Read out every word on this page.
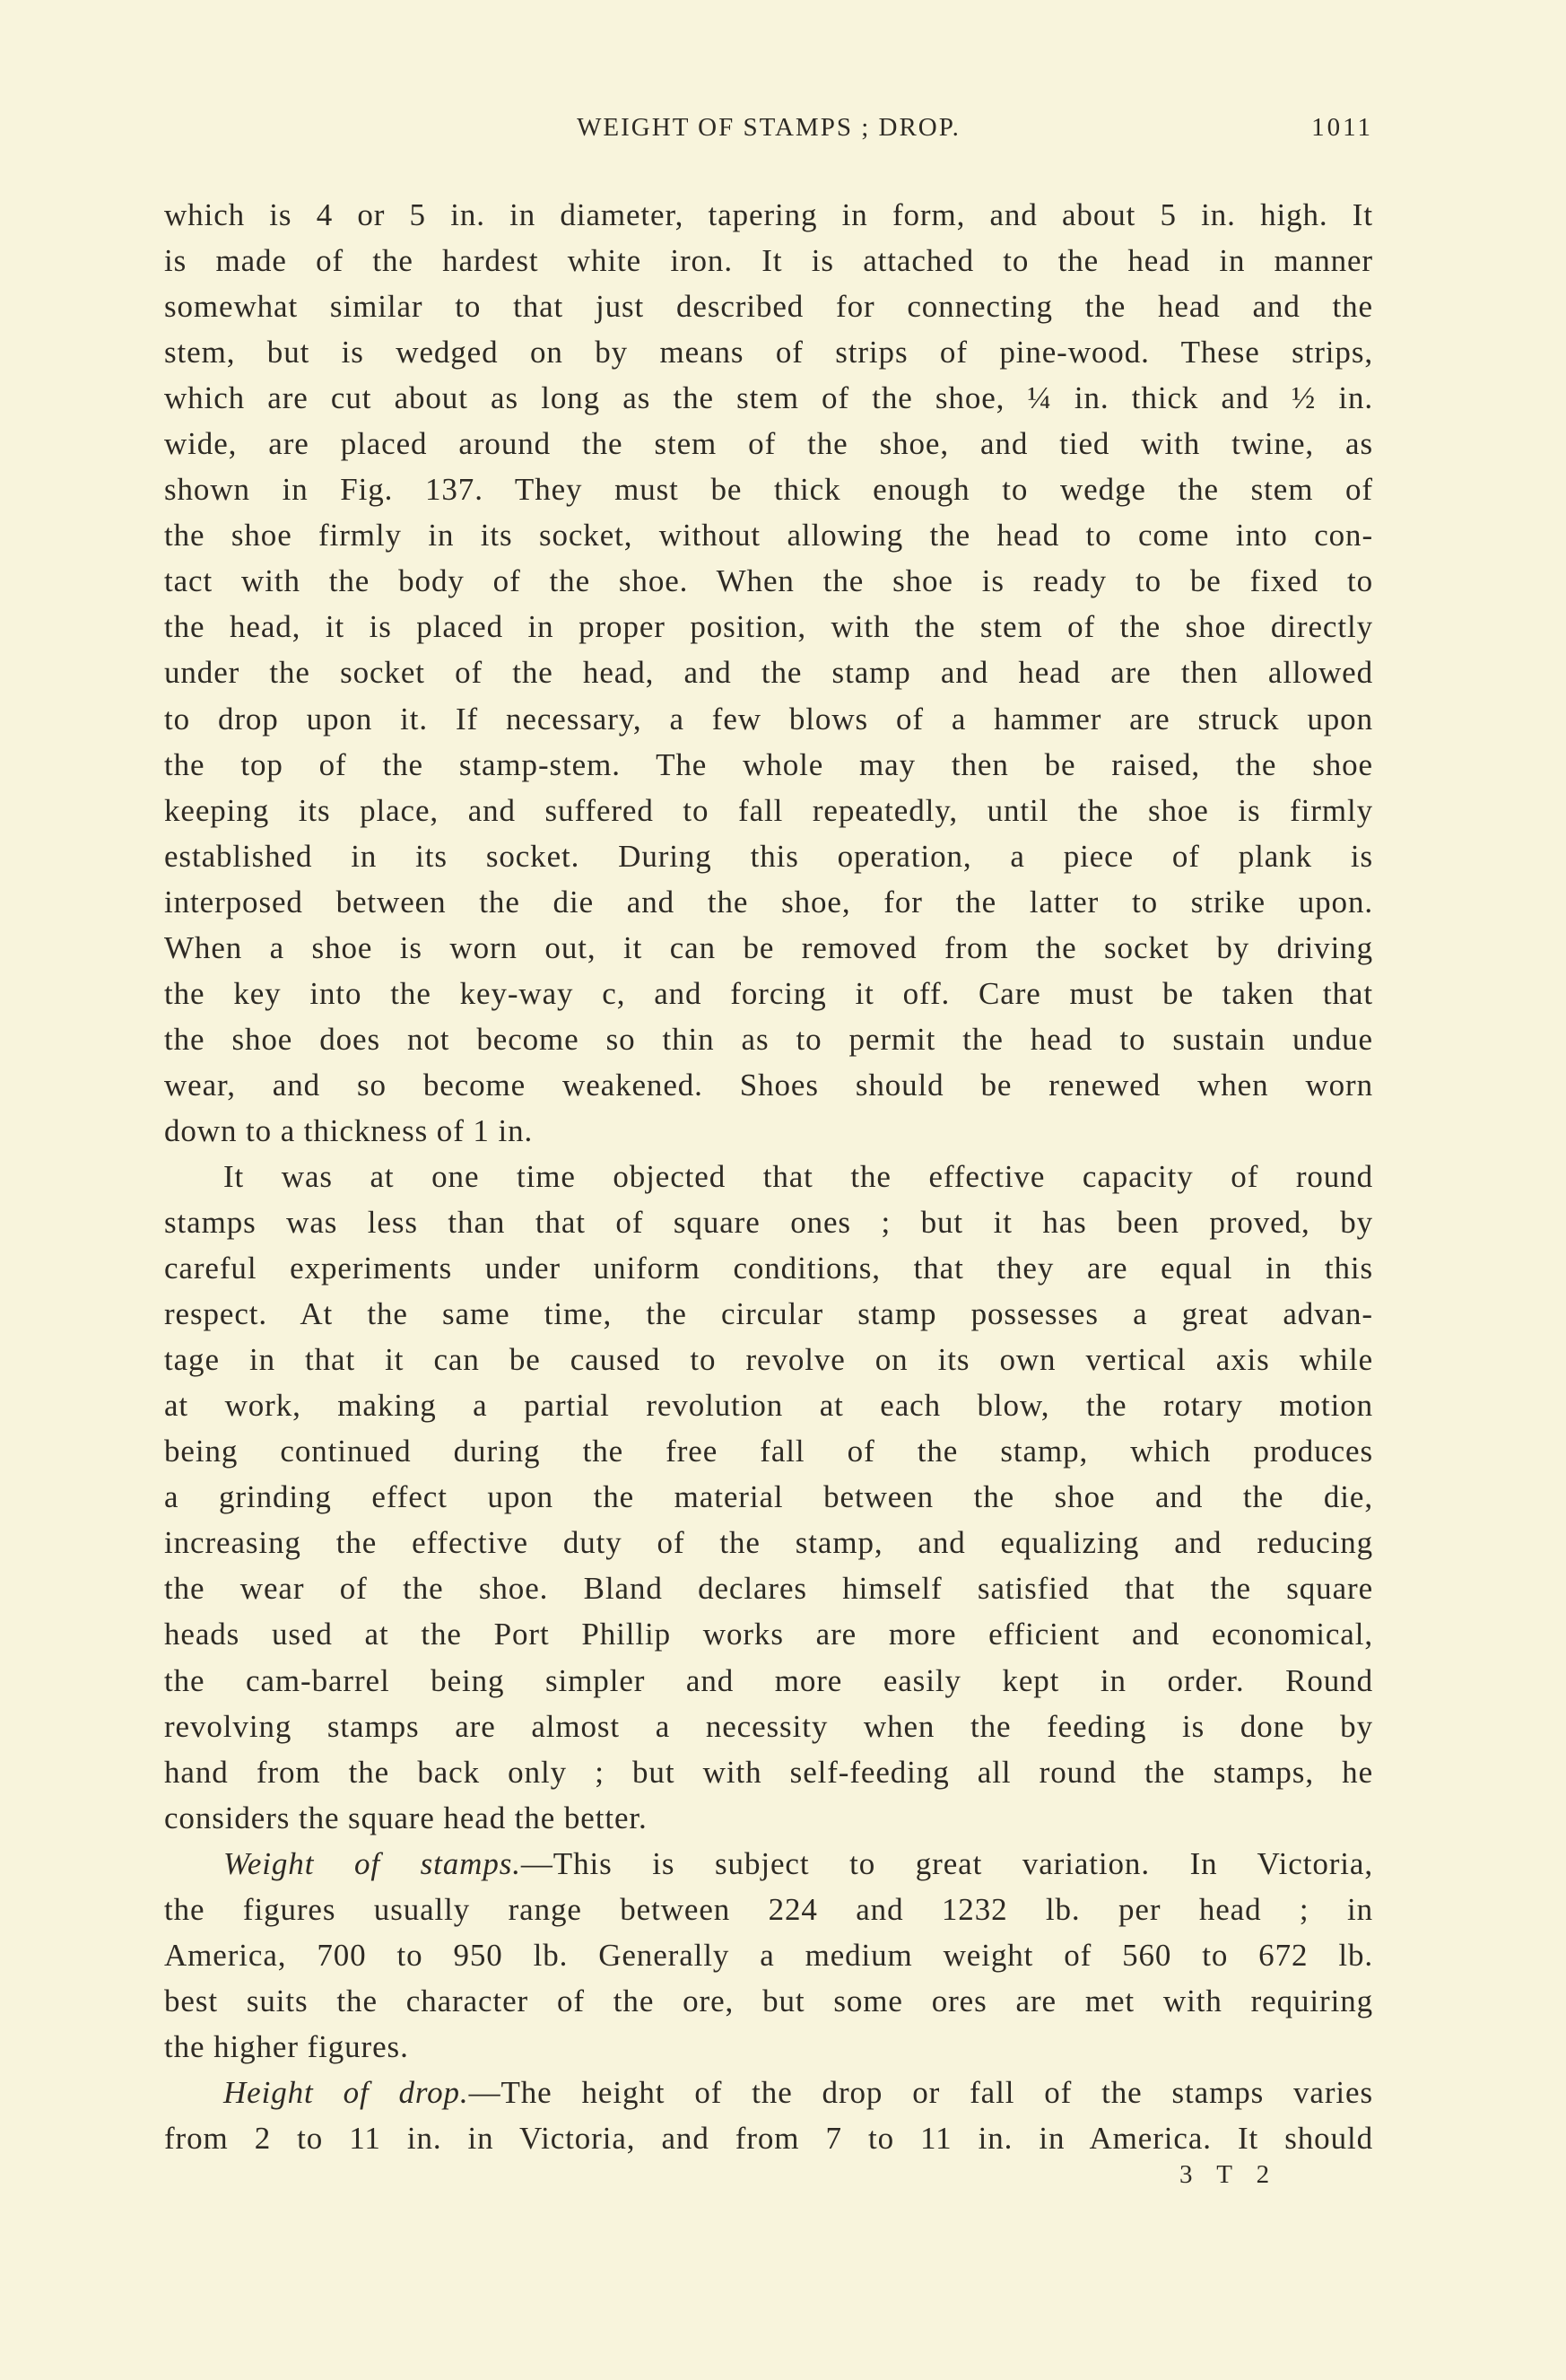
WEIGHT OF STAMPS ; DROP.	1011
which is 4 or 5 in. in diameter, tapering in form, and about 5 in. high. It
is made of the hardest white iron. It is attached to the head in manner
somewhat similar to that just described for connecting the head and the
stem, but is wedged on by means of strips of pine-wood. These strips,
which are cut about as long as the stem of the shoe, ¼ in. thick and ½ in.
wide, are placed around the stem of the shoe, and tied with twine, as
shown in Fig. 137. They must be thick enough to wedge the stem of
the shoe firmly in its socket, without allowing the head to come into con-
tact with the body of the shoe. When the shoe is ready to be fixed to
the head, it is placed in proper position, with the stem of the shoe directly
under the socket of the head, and the stamp and head are then allowed
to drop upon it. If necessary, a few blows of a hammer are struck upon
the top of the stamp-stem. The whole may then be raised, the shoe
keeping its place, and suffered to fall repeatedly, until the shoe is firmly
established in its socket. During this operation, a piece of plank is
interposed between the die and the shoe, for the latter to strike upon.
When a shoe is worn out, it can be removed from the socket by driving
the key into the key-way c, and forcing it off. Care must be taken that
the shoe does not become so thin as to permit the head to sustain undue
wear, and so become weakened. Shoes should be renewed when worn
down to a thickness of 1 in.
It was at one time objected that the effective capacity of round
stamps was less than that of square ones ; but it has been proved, by
careful experiments under uniform conditions, that they are equal in this
respect. At the same time, the circular stamp possesses a great advan-
tage in that it can be caused to revolve on its own vertical axis while
at work, making a partial revolution at each blow, the rotary motion
being continued during the free fall of the stamp, which produces
a grinding effect upon the material between the shoe and the die,
increasing the effective duty of the stamp, and equalizing and reducing
the wear of the shoe. Bland declares himself satisfied that the square
heads used at the Port Phillip works are more efficient and economical,
the cam-barrel being simpler and more easily kept in order. Round
revolving stamps are almost a necessity when the feeding is done by
hand from the back only ; but with self-feeding all round the stamps, he
considers the square head the better.
Weight of stamps.—This is subject to great variation. In Victoria,
the figures usually range between 224 and 1232 lb. per head ; in
America, 700 to 950 lb. Generally a medium weight of 560 to 672 lb.
best suits the character of the ore, but some ores are met with requiring
the higher figures.
Height of drop.—The height of the drop or fall of the stamps varies
from 2 to 11 in. in Victoria, and from 7 to 11 in. in America. It should
3 T 2
